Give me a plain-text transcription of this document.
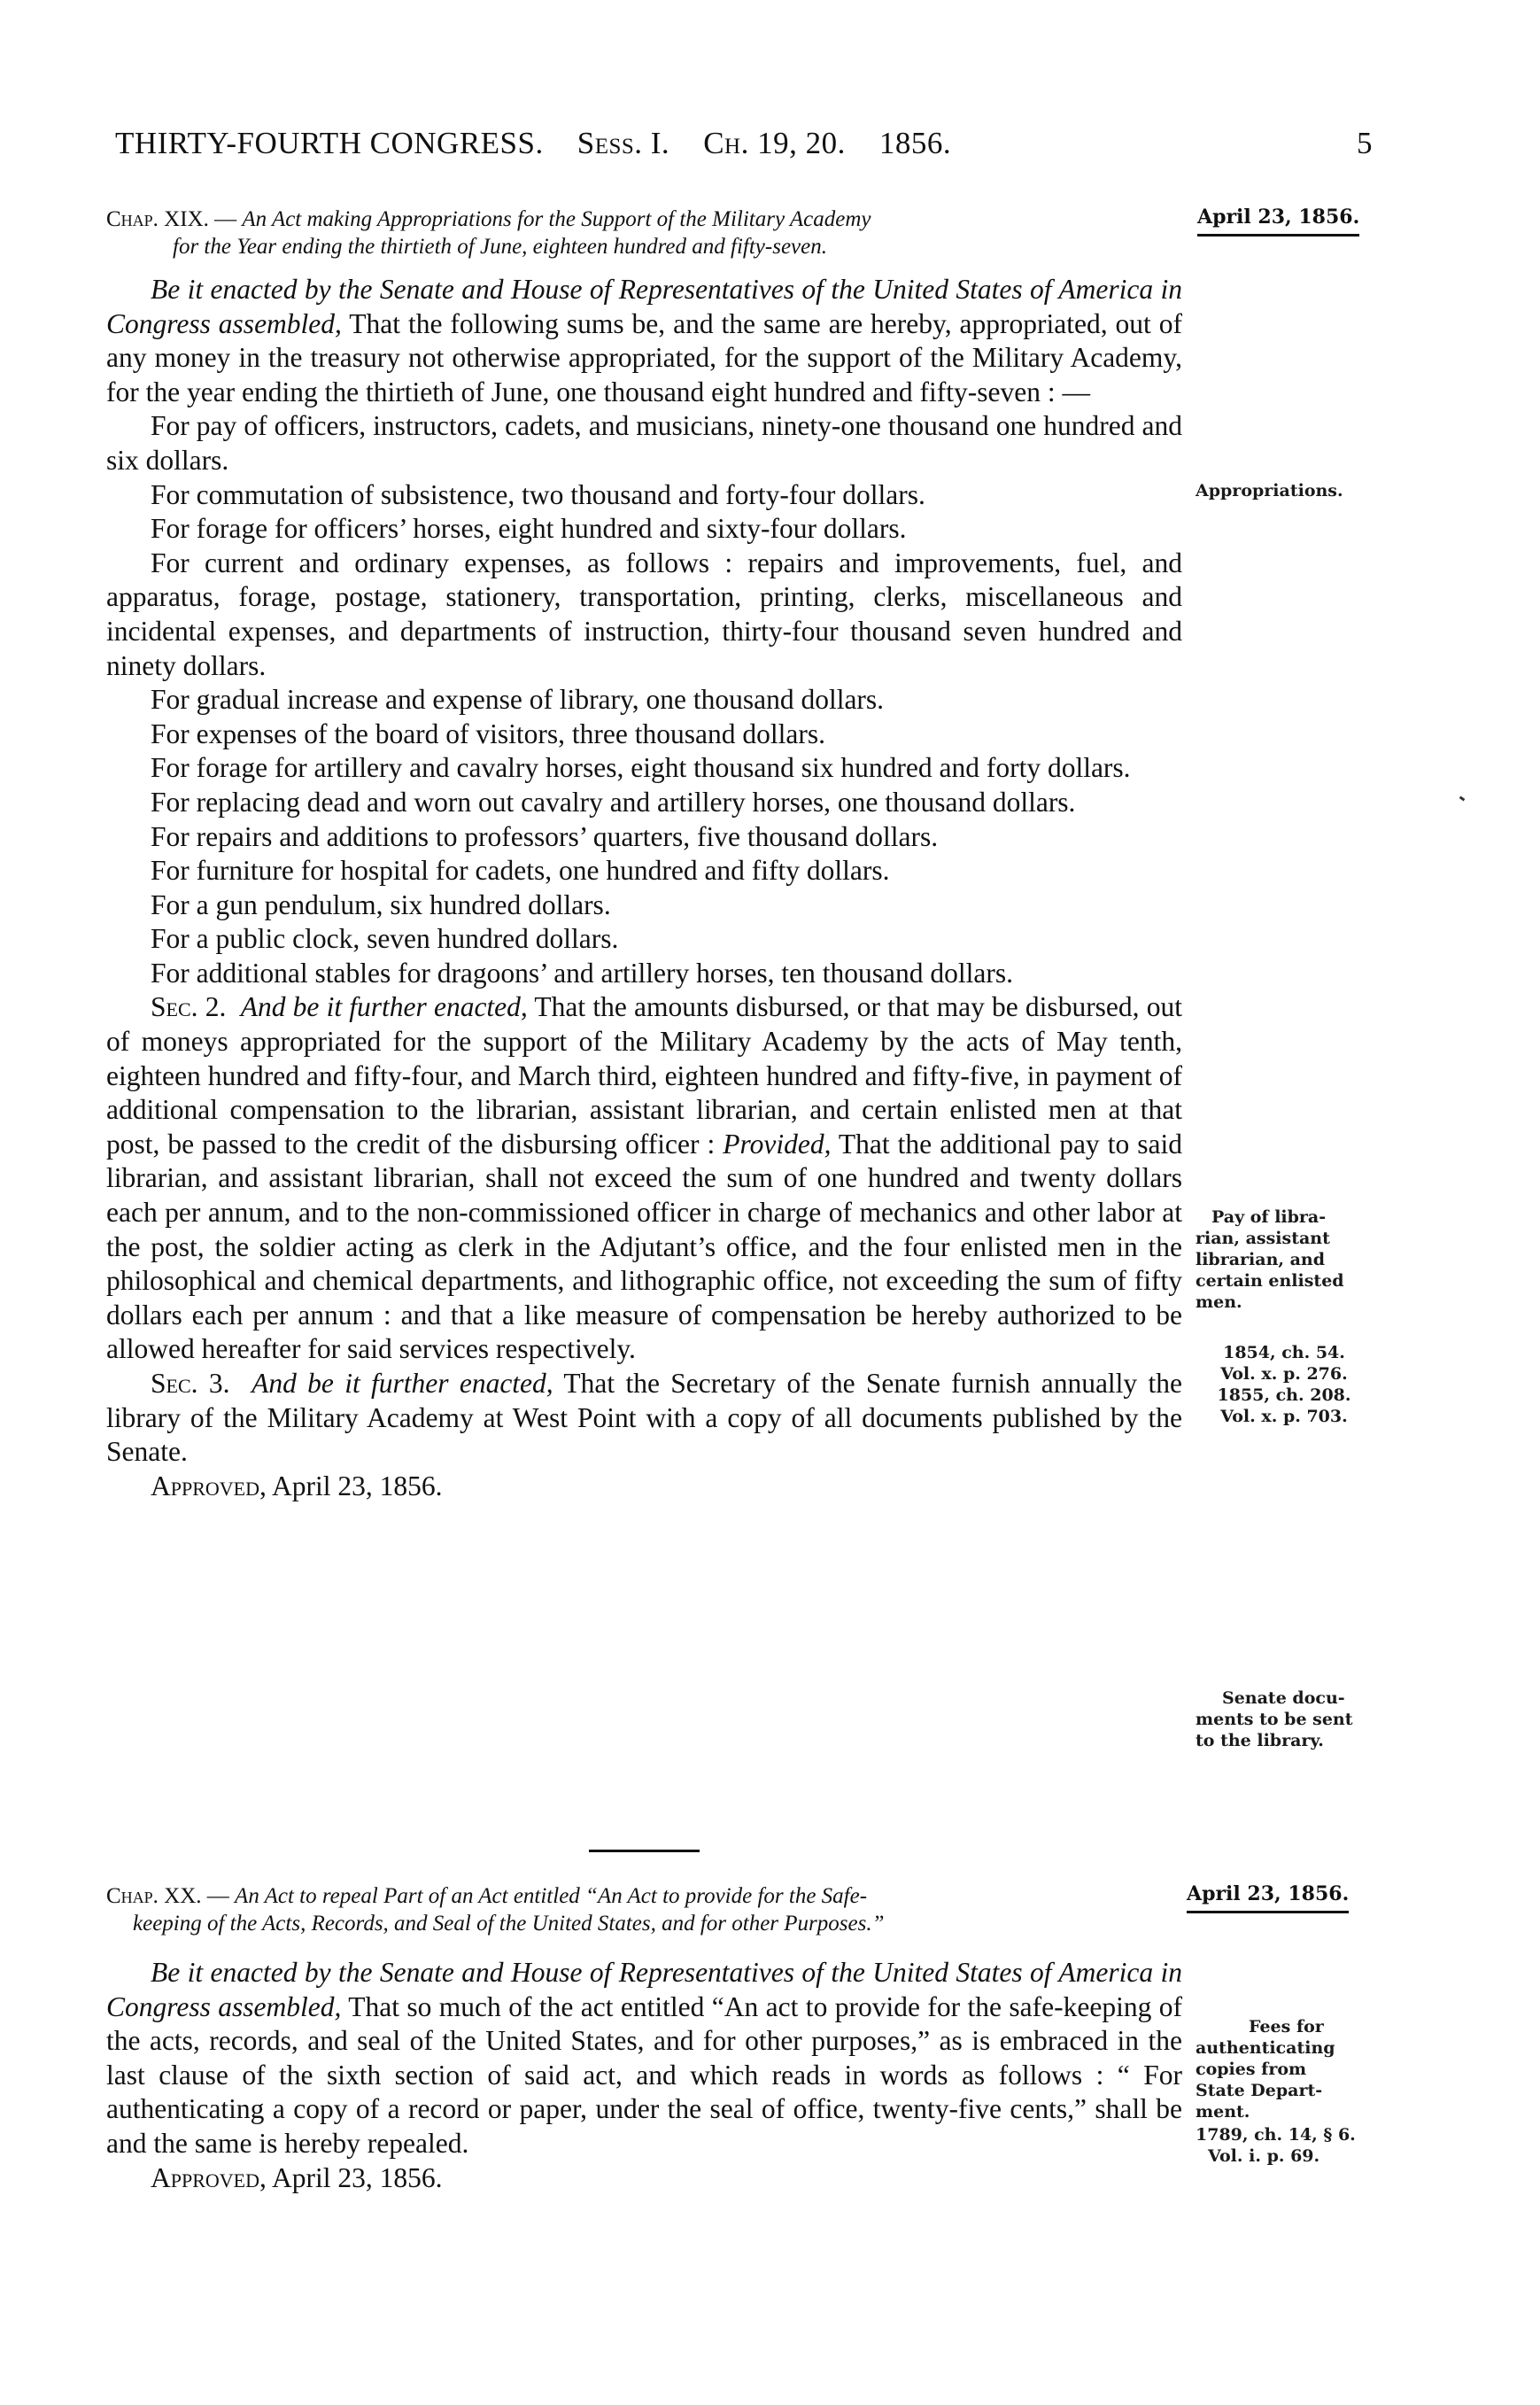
THIRTY-FOURTH CONGRESS. Sess. I. Ch. 19, 20. 1856.	5
Chap. XIX. — An Act making Appropriations for the Support of the Military Academy
for the Year ending the thirtieth of June, eighteen hundred and fifty-seven.
April 23, 1856.

Be it enacted by the Senate and House of Representatives of the United States of America in Congress assembled, That the following sums be, and the same are hereby, appropriated, out of any money in the treasury not otherwise appropriated, for the support of the Military Academy, for the year ending the thirtieth of June, one thousand eight hundred and fifty-seven : —

For pay of officers, instructors, cadets, and musicians, ninety-one thousand one hundred and six dollars.

For commutation of subsistence, two thousand and forty-four dollars.

For forage for officers’ horses, eight hundred and sixty-four dollars.

For current and ordinary expenses, as follows : repairs and improvements, fuel, and apparatus, forage, postage, stationery, transportation, printing, clerks, miscellaneous and incidental expenses, and departments of instruction, thirty-four thousand seven hundred and ninety dollars.

For gradual increase and expense of library, one thousand dollars.

For expenses of the board of visitors, three thousand dollars.

For forage for artillery and cavalry horses, eight thousand six hundred and forty dollars.

For replacing dead and worn out cavalry and artillery horses, one thousand dollars.

For repairs and additions to professors’ quarters, five thousand dollars.

For furniture for hospital for cadets, one hundred and fifty dollars.

For a gun pendulum, six hundred dollars.

For a public clock, seven hundred dollars.

For additional stables for dragoons’ and artillery horses, ten thousand dollars.

Sec. 2. And be it further enacted, That the amounts disbursed, or that may be disbursed, out of moneys appropriated for the support of the Military Academy by the acts of May tenth, eighteen hundred and fifty-four, and March third, eighteen hundred and fifty-five, in payment of additional compensation to the librarian, assistant librarian, and certain enlisted men at that post, be passed to the credit of the disbursing officer : Provided, That the additional pay to said librarian, and assistant librarian, shall not exceed the sum of one hundred and twenty dollars each per annum, and to the non-commissioned officer in charge of mechanics and other labor at the post, the soldier acting as clerk in the Adjutant’s office, and the four enlisted men in the philosophical and chemical departments, and lithographic office, not exceeding the sum of fifty dollars each per annum : and that a like measure of compensation be hereby authorized to be allowed hereafter for said services respectively.

Sec. 3. And be it further enacted, That the Secretary of the Senate furnish annually the library of the Military Academy at West Point with a copy of all documents published by the Senate.

Approved, April 23, 1856.

Appropriations.
Pay of libra-
rian, assistant
librarian, and
certain enlisted
men.
1854, ch. 54.
Vol. x. p. 276.
1855, ch. 208.
Vol. x. p. 703.
Senate docu-
ments to be sent
to the library.
Chap. XX. — An Act to repeal Part of an Act entitled “An Act to provide for the Safe-
keeping of the Acts, Records, and Seal of the United States, and for other Purposes.”
April 23, 1856.

Be it enacted by the Senate and House of Representatives of the United States of America in Congress assembled, That so much of the act entitled “An act to provide for the safe-keeping of the acts, records, and seal of the United States, and for other purposes,” as is embraced in the last clause of the sixth section of said act, and which reads in words as follows : “ For authenticating a copy of a record or paper, under the seal of office, twenty-five cents,” shall be and the same is hereby repealed.

Approved, April 23, 1856.

Fees for
authenticating
copies from
State Depart-
ment.
1789, ch. 14, § 6.
Vol. i. p. 69.
